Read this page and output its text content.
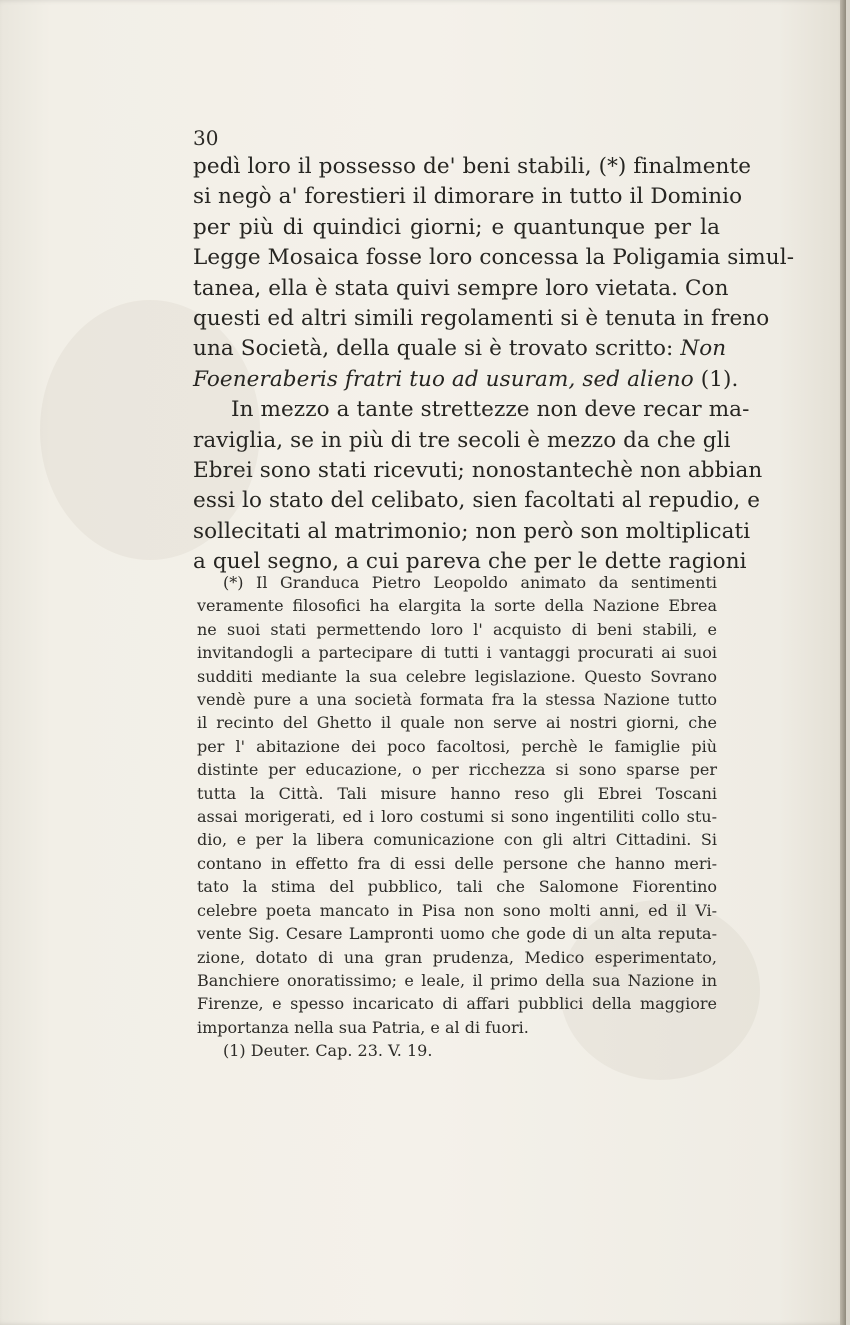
30
pedì loro il possesso de' beni stabili, (*) finalmente
si negò a' forestieri il dimorare in tutto il Dominio
per più di quindici giorni; e quantunque per la
Legge Mosaica fosse loro concessa la Poligamia simul-
tanea, ella è stata quivi sempre loro vietata. Con
questi ed altri simili regolamenti si è tenuta in freno
una Società, della quale si è trovato scritto: Non
Foeneraberis fratri tuo ad usuram, sed alieno (1).
In mezzo a tante strettezze non deve recar ma-
raviglia, se in più di tre secoli è mezzo da che gli
Ebrei sono stati ricevuti; nonostantechè non abbian
essi lo stato del celibato, sien facoltati al repudio, e
sollecitati al matrimonio; non però son moltiplicati
a quel segno, a cui pareva che per le dette ragioni
(*) Il Granduca Pietro Leopoldo animato da sentimenti
veramente filosofici ha elargita la sorte della Nazione Ebrea
ne suoi stati permettendo loro l' acquisto di beni stabili, e
invitandogli a partecipare di tutti i vantaggi procurati ai suoi
sudditi mediante la sua celebre legislazione. Questo Sovrano
vendè pure a una società formata fra la stessa Nazione tutto
il recinto del Ghetto il quale non serve ai nostri giorni, che
per l' abitazione dei poco facoltosi, perchè le famiglie più
distinte per educazione, o per ricchezza si sono sparse per
tutta la Città. Tali misure hanno reso gli Ebrei Toscani
assai morigerati, ed i loro costumi si sono ingentiliti collo stu-
dio, e per la libera comunicazione con gli altri Cittadini. Si
contano in effetto fra di essi delle persone che hanno meri-
tato la stima del pubblico, tali che Salomone Fiorentino
celebre poeta mancato in Pisa non sono molti anni, ed il Vi-
vente Sig. Cesare Lampronti uomo che gode di un alta reputa-
zione, dotato di una gran prudenza, Medico esperimentato,
Banchiere onoratissimo; e leale, il primo della sua Nazione in
Firenze, e spesso incaricato di affari pubblici della maggiore
importanza nella sua Patria, e al di fuori.
(1) Deuter. Cap. 23. V. 19.
